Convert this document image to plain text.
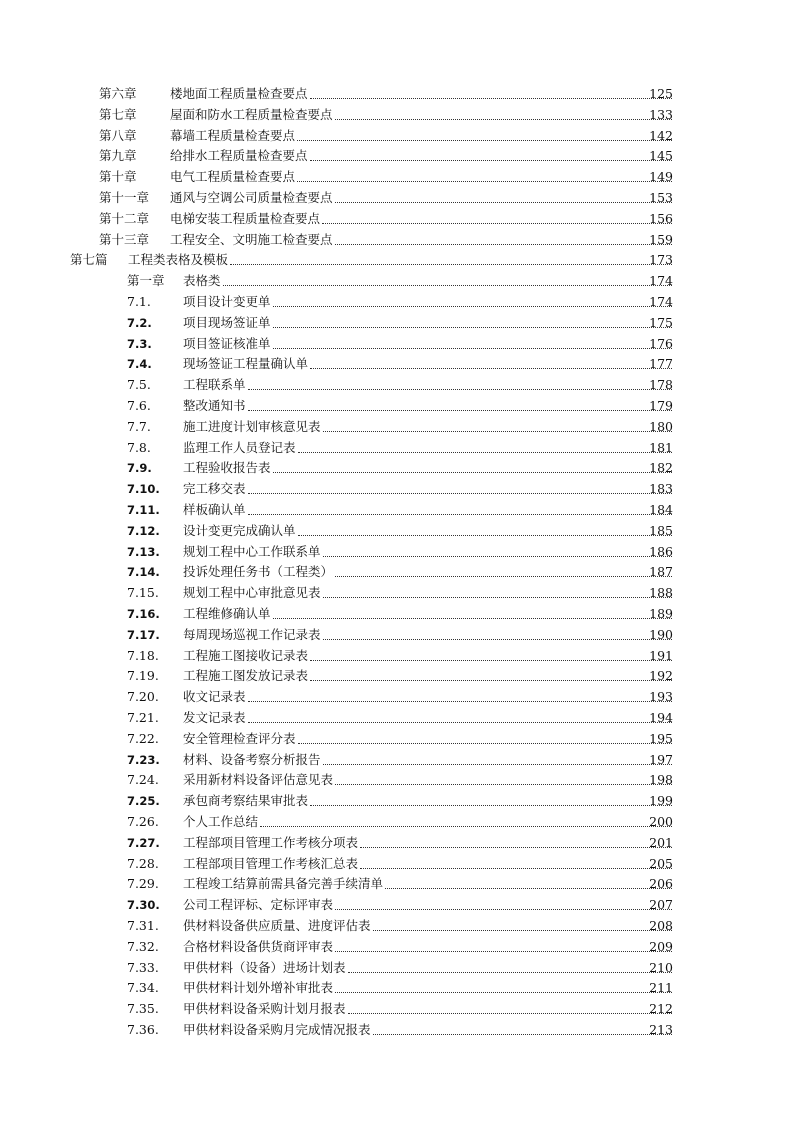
第六章	楼地面工程质量检查要点	125
第七章	屋面和防水工程质量检查要点	133
第八章	幕墙工程质量检查要点	142
第九章	给排水工程质量检查要点	145
第十章	电气工程质量检查要点	149
第十一章 通风与空调公司质量检查要点	153
第十二章 电梯安装工程质量检查要点	156
第十三章 工程安全、文明施工检查要点	159
第七篇 工程类表格及模板	173
第一章 表格类	174
7.1.	项目设计变更单	174
7.2.	项目现场签证单	175
7.3.	项目签证核准单	176
7.4.	现场签证工程量确认单	177
7.5.	工程联系单	178
7.6.	整改通知书	179
7.7.	施工进度计划审核意见表	180
7.8.	监理工作人员登记表	181
7.9.	工程验收报告表	182
7.10. 完工移交表	183
7.11. 样板确认单	184
7.12. 设计变更完成确认单	185
7.13. 规划工程中心工作联系单	186
7.14. 投诉处理任务书（工程类）	187
7.15. 规划工程中心审批意见表	188
7.16. 工程维修确认单	189
7.17. 每周现场巡视工作记录表	190
7.18. 工程施工图接收记录表	191
7.19. 工程施工图发放记录表	192
7.20. 收文记录表	193
7.21. 发文记录表	194
7.22. 安全管理检查评分表	195
7.23. 材料、设备考察分析报告	197
7.24. 采用新材料设备评估意见表	198
7.25. 承包商考察结果审批表	199
7.26. 个人工作总结	200
7.27. 工程部项目管理工作考核分项表	201
7.28. 工程部项目管理工作考核汇总表	205
7.29. 工程竣工结算前需具备完善手续清单	206
7.30. 公司工程评标、定标评审表	207
7.31. 供材料设备供应质量、进度评估表	208
7.32. 合格材料设备供货商评审表	209
7.33. 甲供材料（设备）进场计划表	210
7.34. 甲供材料计划外增补审批表	211
7.35. 甲供材料设备采购计划月报表	212
7.36. 甲供材料设备采购月完成情况报表	213
